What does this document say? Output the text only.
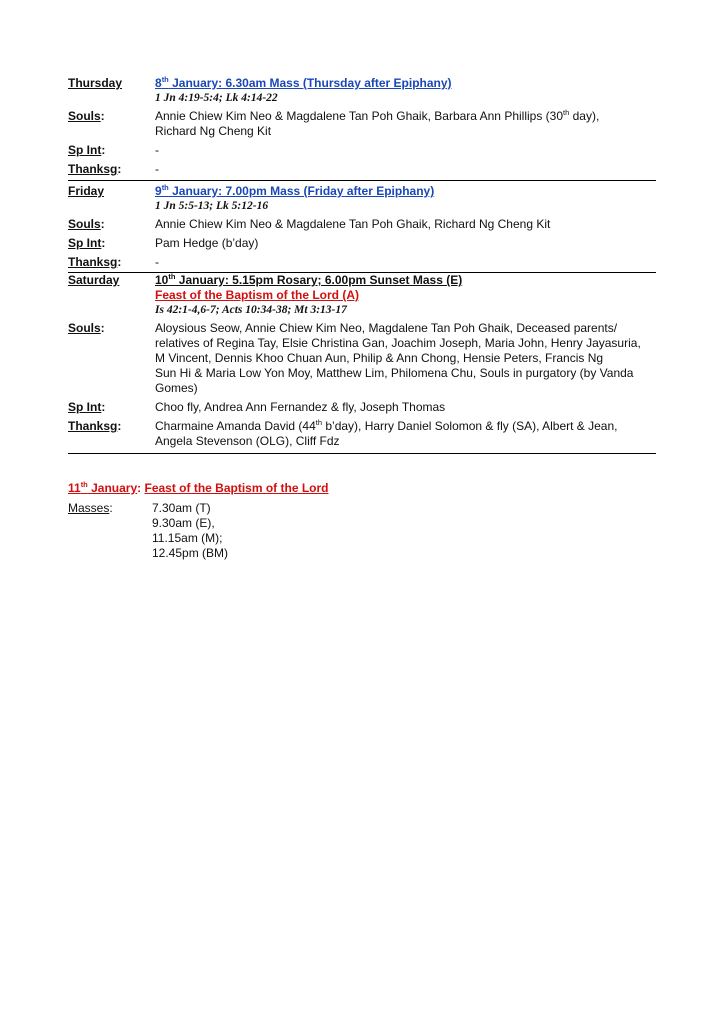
Thursday	8th January: 6.30am Mass (Thursday after Epiphany)
1 Jn 4:19-5:4; Lk 4:14-22
Souls:	Annie Chiew Kim Neo & Magdalene Tan Poh Ghaik, Barbara Ann Phillips (30th day),
Richard Ng Cheng Kit
Sp Int:	-
Thanksg:	-
Friday	9th January: 7.00pm Mass (Friday after Epiphany)
1 Jn 5:5-13; Lk 5:12-16
Souls:	Annie Chiew Kim Neo & Magdalene Tan Poh Ghaik, Richard Ng Cheng Kit
Sp Int:	Pam Hedge (b’day)
Thanksg:	-
Saturday	10th January: 5.15pm Rosary; 6.00pm Sunset Mass (E)
Feast of the Baptism of the Lord (A)
Is 42:1-4,6-7; Acts 10:34-38; Mt 3:13-17
Souls:	Aloysious Seow, Annie Chiew Kim Neo, Magdalene Tan Poh Ghaik, Deceased parents/
relatives of Regina Tay, Elsie Christina Gan, Joachim Joseph, Maria John, Henry Jayasuria,
M Vincent, Dennis Khoo Chuan Aun, Philip & Ann Chong, Hensie Peters, Francis Ng
Sun Hi & Maria Low Yon Moy, Matthew Lim, Philomena Chu, Souls in purgatory (by Vanda
Gomes)
Sp Int:	Choo fly, Andrea Ann Fernandez & fly, Joseph Thomas
Thanksg:	Charmaine Amanda David (44th b’day), Harry Daniel Solomon & fly (SA), Albert & Jean,
Angela Stevenson (OLG), Cliff Fdz
11th January : Feast of the Baptism of the Lord
Masses:	7.30am (T)
9.30am (E),
11.15am (M);
12.45pm (BM)
